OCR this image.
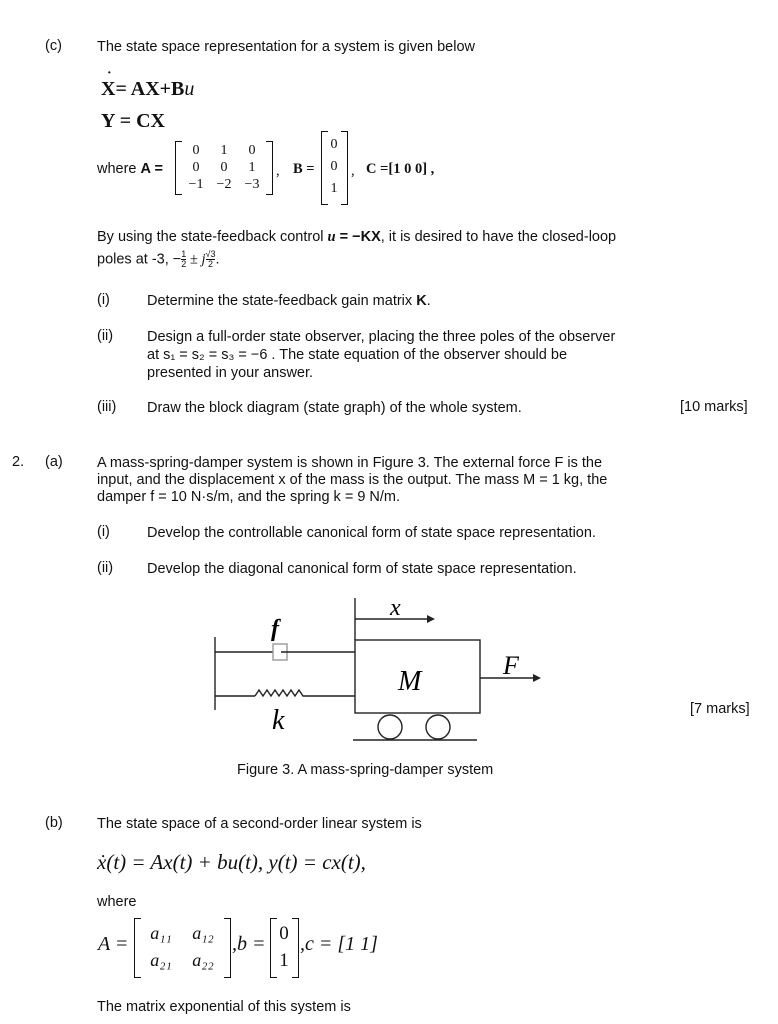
(c) The state space representation for a system is given below
X
·
= AX+Bu
Y = CX
where A =
0	1	0
0	0	1
−1 −2 −3
, B =
0
0
1
, C =[1 0 0] ,
By using the state-feedback control u = −KX, it is desired to have the closed-loop
poles at -3, − $\frac{1}{2} \pm j \frac{√3}{2}$ .
(i)	Determine the state-feedback gain matrix K.
(ii) Design a full-order state observer, placing the three poles of the observer
at s₁ = s₂ = s₃ = −6 . The state equation of the observer should be
presented in your answer.
(iii) Draw the block diagram (state graph) of the whole system.	[10 marks]
2. (a) A mass-spring-damper system is shown in Figure 3. The external force F is the
input, and the displacement x of the mass is the output. The mass M = 1 kg, the
damper f = 10 N·s/m, and the spring k = 9 N/m.
(i)	Develop the controllable canonical form of state space representation.
(ii) Develop the diagonal canonical form of state space representation.
x
f
M
F
k	[7 marks]
Figure 3. A mass-spring-damper system
(b) The state space of a second-order linear system is
ẋ(t) = Ax(t) + bu(t), y(t) = cx(t),
where
A = a₁₁ a₁₂
a₂₁ a₂₂
,b = 0
1
,c = [1 1]
The matrix exponential of this system is
